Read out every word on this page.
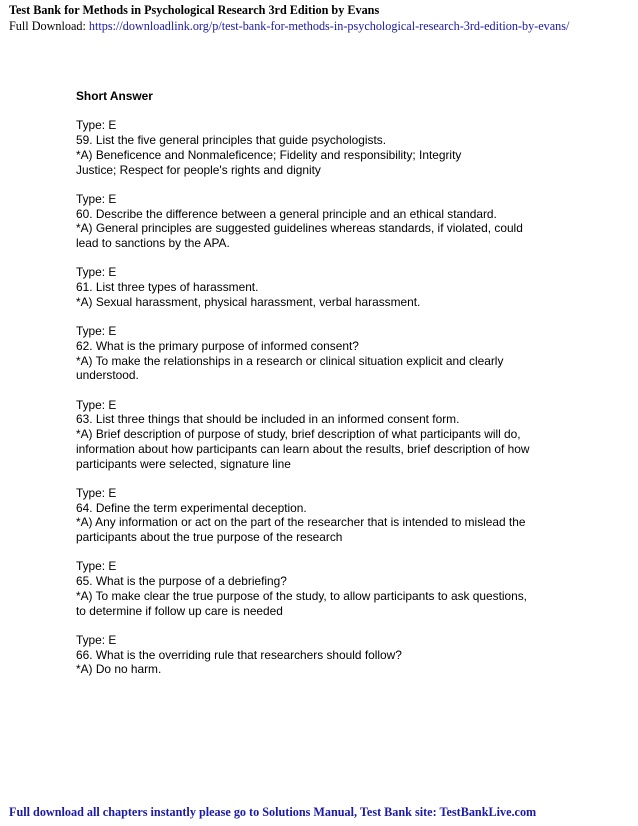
Test Bank for Methods in Psychological Research 3rd Edition by Evans
Full Download: https://downloadlink.org/p/test-bank-for-methods-in-psychological-research-3rd-edition-by-evans/
Short Answer
Type: E
59. List the five general principles that guide psychologists.
*A) Beneficence and Nonmaleficence; Fidelity and responsibility; Integrity
Justice; Respect for people's rights and dignity
Type: E
60. Describe the difference between a general principle and an ethical standard.
*A) General principles are suggested guidelines whereas standards, if violated, could
lead to sanctions by the APA.
Type: E
61. List three types of harassment.
*A) Sexual harassment, physical harassment, verbal harassment.
Type: E
62. What is the primary purpose of informed consent?
*A) To make the relationships in a research or clinical situation explicit and clearly
understood.
Type: E
63. List three things that should be included in an informed consent form.
*A) Brief description of purpose of study, brief description of what participants will do,
information about how participants can learn about the results, brief description of how
participants were selected, signature line
Type: E
64. Define the term experimental deception.
*A) Any information or act on the part of the researcher that is intended to mislead the
participants about the true purpose of the research
Type: E
65. What is the purpose of a debriefing?
*A) To make clear the true purpose of the study, to allow participants to ask questions,
to determine if follow up care is needed
Type: E
66. What is the overriding rule that researchers should follow?
*A) Do no harm.
Full download all chapters instantly please go to Solutions Manual, Test Bank site: TestBankLive.com
